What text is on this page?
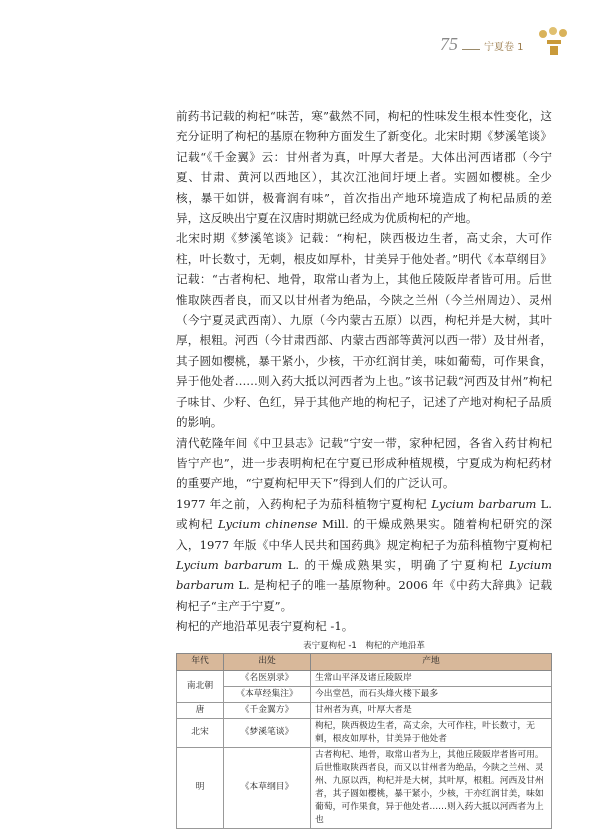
75	宁夏卷 1

前药书记载的枸杞“味苦，寒”截然不同，枸杞的性味发生根本性变化，这充分证明了枸杞的基原在物种方面发生了新变化。北宋时期《梦溪笔谈》记载“《千金翼》云：甘州者为真，叶厚大者是。大体出河西诸郡（今宁夏、甘肃、黄河以西地区），其次江池间圩埂上者。实圆如樱桃。全少核，暴干如饼，极膏润有味”，首次指出产地环境造成了枸杞品质的差异，这反映出宁夏在汉唐时期就已经成为优质枸杞的产地。

北宋时期《梦溪笔谈》记载：“枸杞，陕西极边生者，高丈余，大可作柱，叶长数寸，无刺，根皮如厚朴，甘美异于他处者。”明代《本草纲目》记载：“古者枸杞、地骨，取常山者为上，其他丘陵阪岸者皆可用。后世惟取陕西者良，而又以甘州者为绝品，今陕之兰州（今兰州周边）、灵州（今宁夏灵武西南）、九原（今内蒙古五原）以西，枸杞并是大树，其叶厚，根粗。河西（今甘肃西部、内蒙古西部等黄河以西一带）及甘州者，其子圆如樱桃，暴干紧小，少核，干亦红润甘美，味如葡萄，可作果食，异于他处者……则入药大抵以河西者为上也。”该书记载“河西及甘州”枸杞子味甘、少籽、色红，异于其他产地的枸杞子，记述了产地对枸杞子品质的影响。

清代乾隆年间《中卫县志》记载“宁安一带，家种杞园，各省入药甘枸杞皆宁产也”，进一步表明枸杞在宁夏已形成种植规模，宁夏成为枸杞药材的重要产地，“宁夏枸杞甲天下”得到人们的广泛认可。

1977 年之前，入药枸杞子为茄科植物宁夏枸杞 Lycium barbarum L. 或枸杞 Lycium chinense Mill. 的干燥成熟果实。随着枸杞研究的深入，1977 年版《中华人民共和国药典》规定枸杞子为茄科植物宁夏枸杞 Lycium barbarum L. 的干燥成熟果实，明确了宁夏枸杞 Lycium barbarum L. 是枸杞子的唯一基原物种。2006 年《中药大辞典》记载枸杞子“主产于宁夏”。

枸杞的产地沿革见表宁夏枸杞 -1。

表宁夏枸杞 -1　枸杞的产地沿革
年代	出处	产地
南北朝	《名医别录》	生常山平泽及诸丘陵阪岸
	《本草经集注》	今出堂邑，而石头烽火楼下最多
唐	《千金翼方》	甘州者为真，叶厚大者是
北宋	《梦溪笔谈》	枸杞，陕西极边生者，高丈余，大可作柱，叶长数寸，无刺，根皮如厚朴，甘美异于他处者
明	《本草纲目》	古者枸杞、地骨，取常山者为上，其他丘陵阪岸者皆可用。后世惟取陕西者良，而又以甘州者为绝品，今陕之兰州、灵州、九原以西，枸杞并是大树，其叶厚，根粗。河西及甘州者，其子圆如樱桃，暴干紧小，少核，干亦红润甘美，味如葡萄，可作果食，异于他处者……则入药大抵以河西者为上也
